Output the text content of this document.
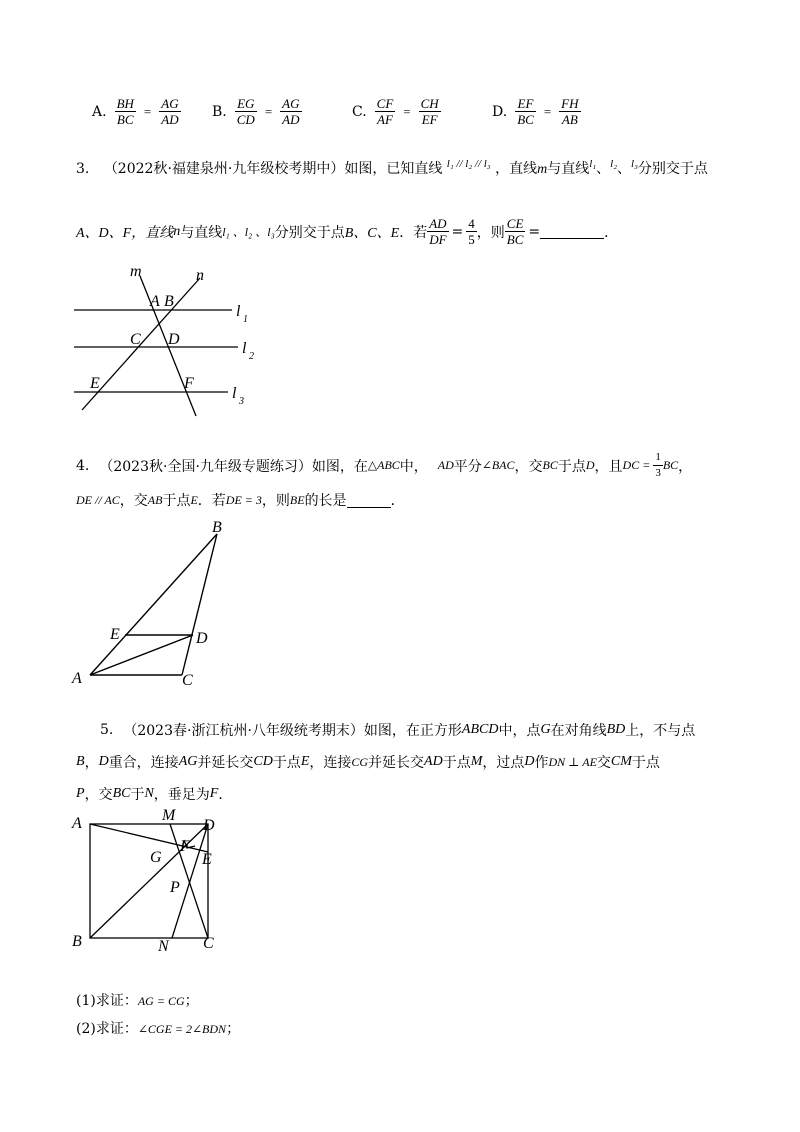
A. $\frac{BH}{BC} = \frac{AG}{AD} B$. $\frac{EG}{CD} = \frac{AG}{AD}$	C. $\frac{CF}{AF} = \frac{CH}{EF}$	D. $\frac{EF}{BC} = \frac{FH}{AB}$
3. （2022秋·福建泉州·九年级校考期中）如图，已知直线 $^{l_1 // l_2 // l_3}$ ，直线m与直线$^{l_1}$、$^{l_2}$、$^{l_3}$分别交于点
A、D、F，直线 n 与直线 l₁ 、l₂ 、l₃ 分别交于点 B、C、E ．若 $\frac{AD}{DF} = \frac{4}{5}$ ，则 $\frac{CE}{BC}$ =	．
m	n
A B
C D
E	F
l 1
l 2
l 3
4. （2023秋·全国·九年级专题练习）如图，在 △ABC 中， AD 平分 ∠BAC ，交 BC 于点 D ，且 DC = $\frac{1}{3}$ BC ，
DE // AC ，交 AB 于点 E ．若 DE = 3 ，则 BE 的长是	．
B
E	D
A	C
5. （2023春·浙江杭州·八年级统考期末）如图，在正方形 ABCD 中，点 G 在对角线 BD 上，不与点
B ， D 重合，连接 AG 并延长交 CD 于点 E ，连接 CG 并延长交 AD 于点 M ，过点 D 作 DN ⊥ AE 交 CM 于点
P ，交 BC 于 N ，垂足为 F ．
A	M
D
F
G	E
P
B	N C
(1)求证：AG = CG；
(2)求证：∠CGE = 2∠BDN；
